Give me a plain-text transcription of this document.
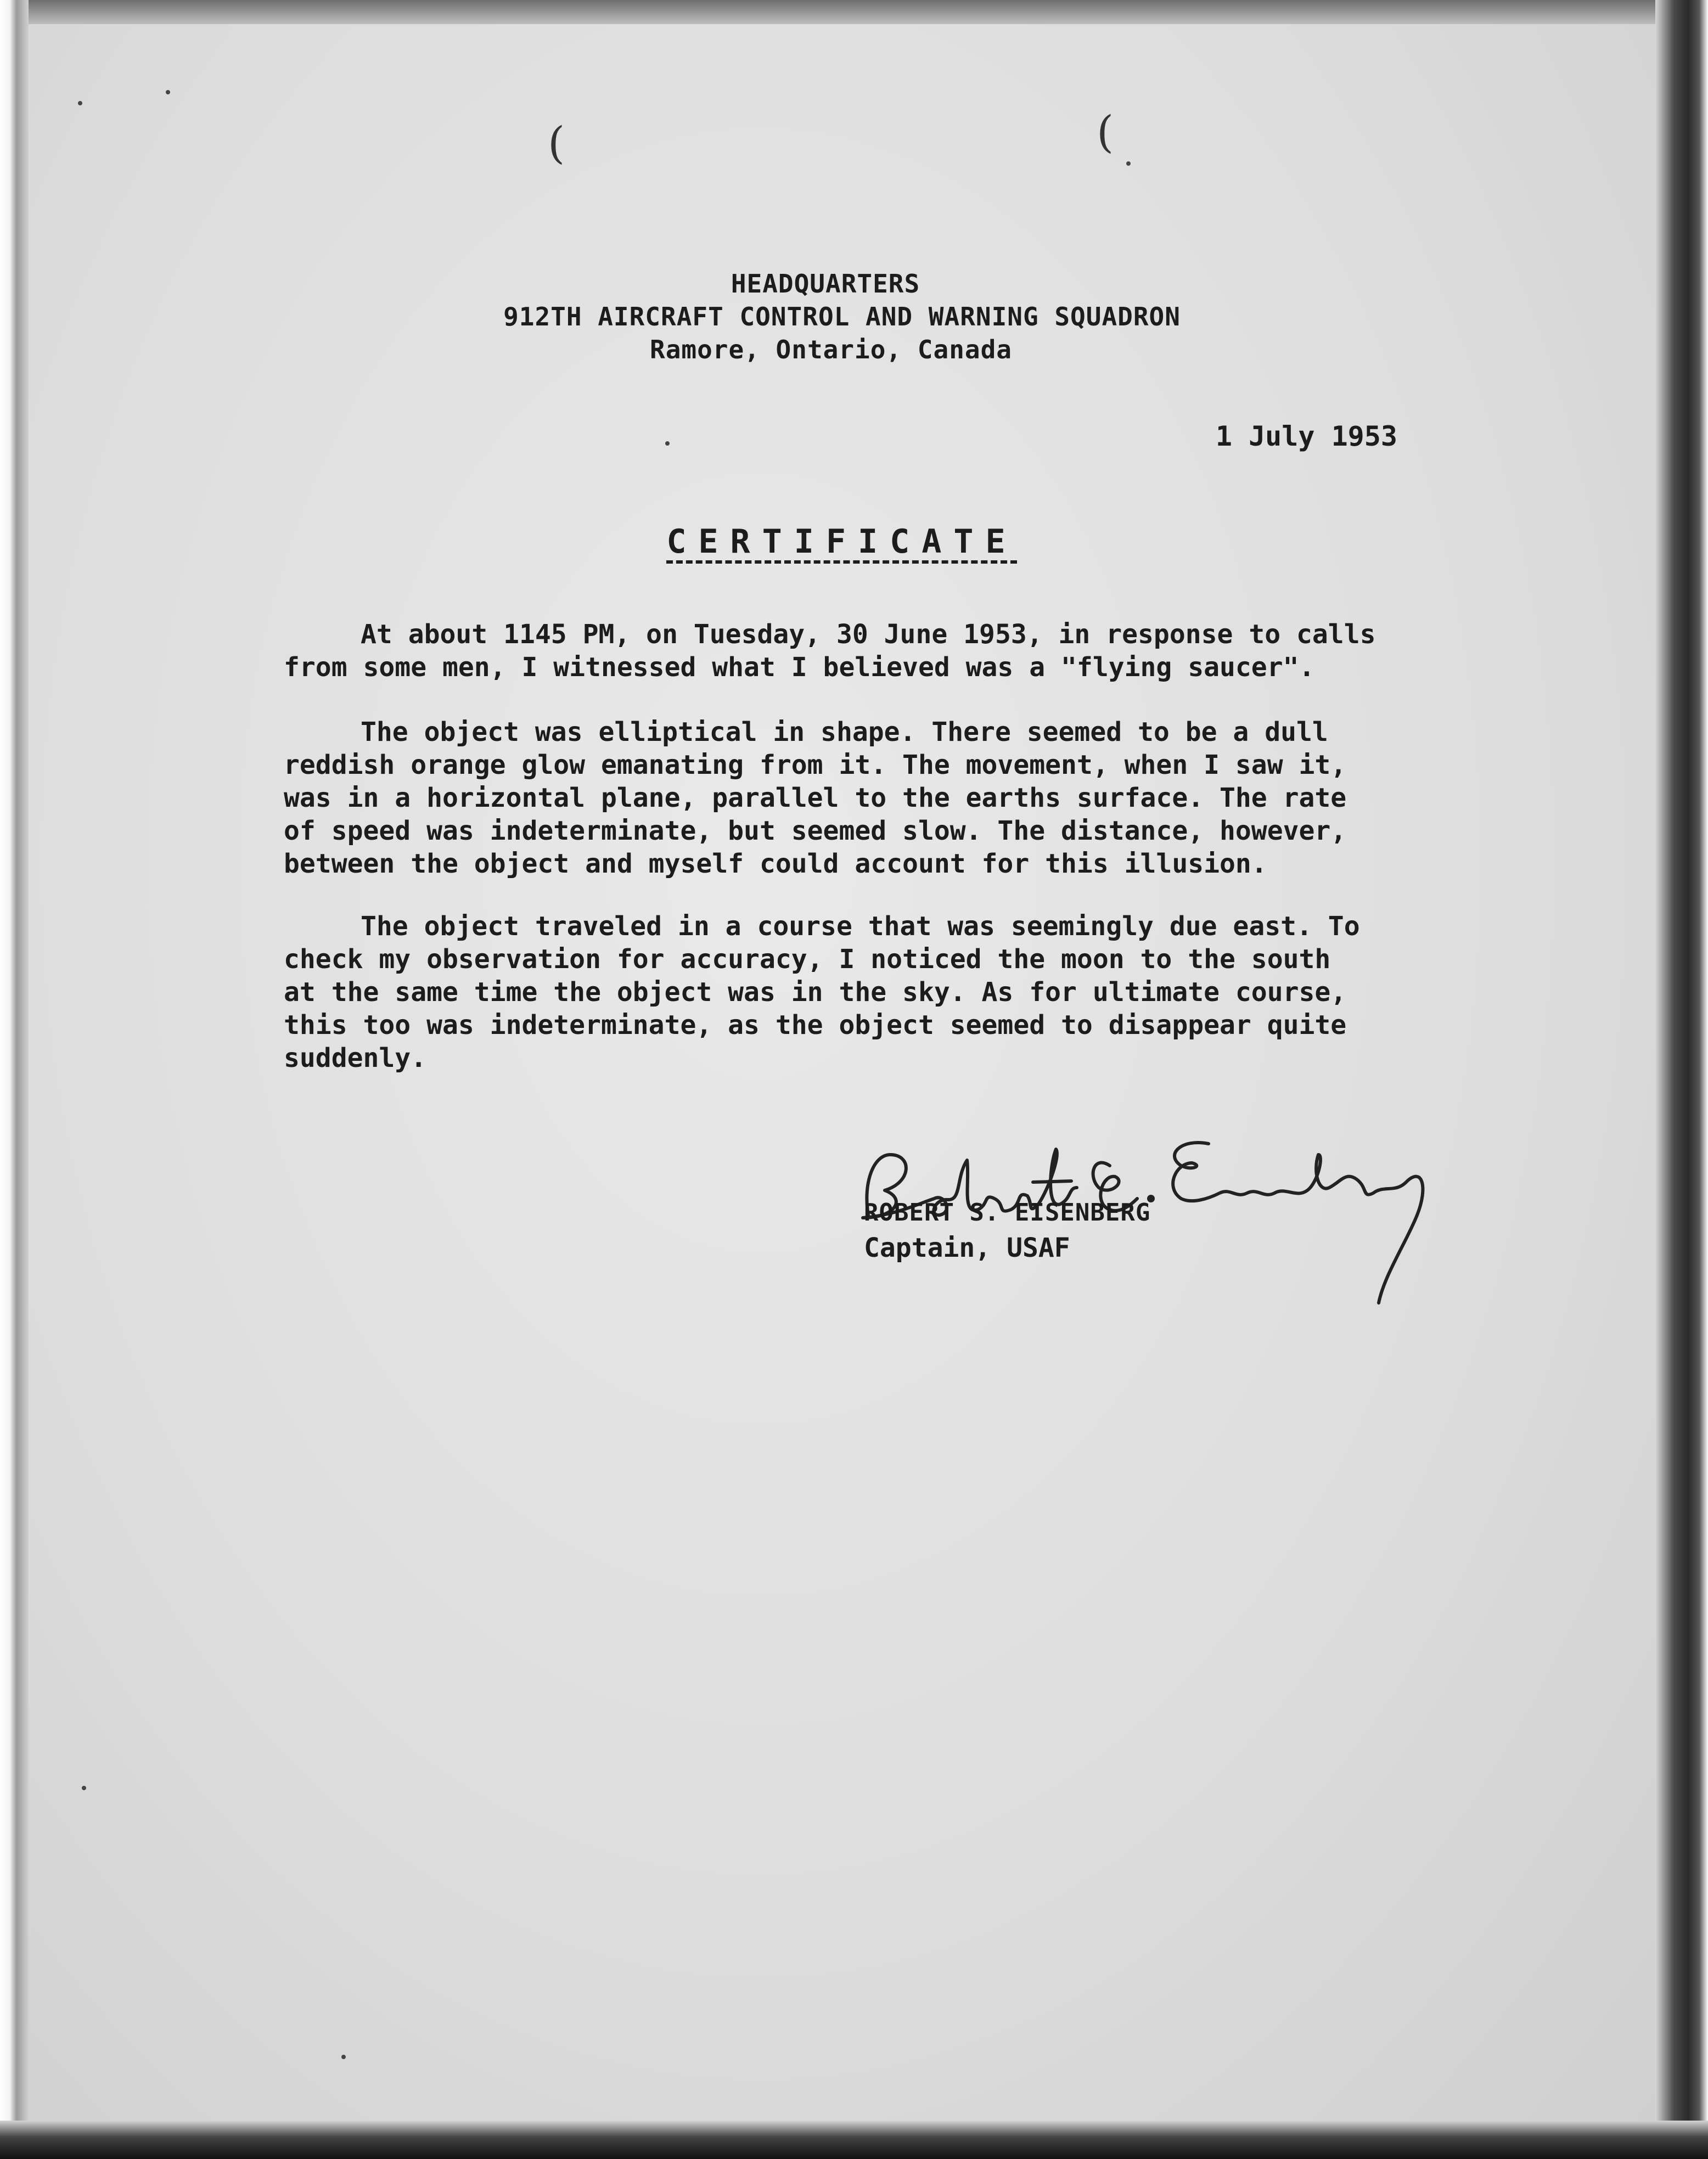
(	(
HEADQUARTERS
912TH AIRCRAFT CONTROL AND WARNING SQUADRON
Ramore, Ontario, Canada
1 July 1953
CERTIFICATE
At about 1145 PM, on Tuesday, 30 June 1953, in response to calls
from some men, I witnessed what I believed was a "flying saucer".
The object was elliptical in shape. There seemed to be a dull
reddish orange glow emanating from it. The movement, when I saw it,
was in a horizontal plane, parallel to the earths surface. The rate
of speed was indeterminate, but seemed slow. The distance, however,
between the object and myself could account for this illusion.
The object traveled in a course that was seemingly due east. To
check my observation for accuracy, I noticed the moon to the south
at the same time the object was in the sky. As for ultimate course,
this too was indeterminate, as the object seemed to disappear quite
suddenly.
ROBERT S. EISENBERG
Captain, USAF
